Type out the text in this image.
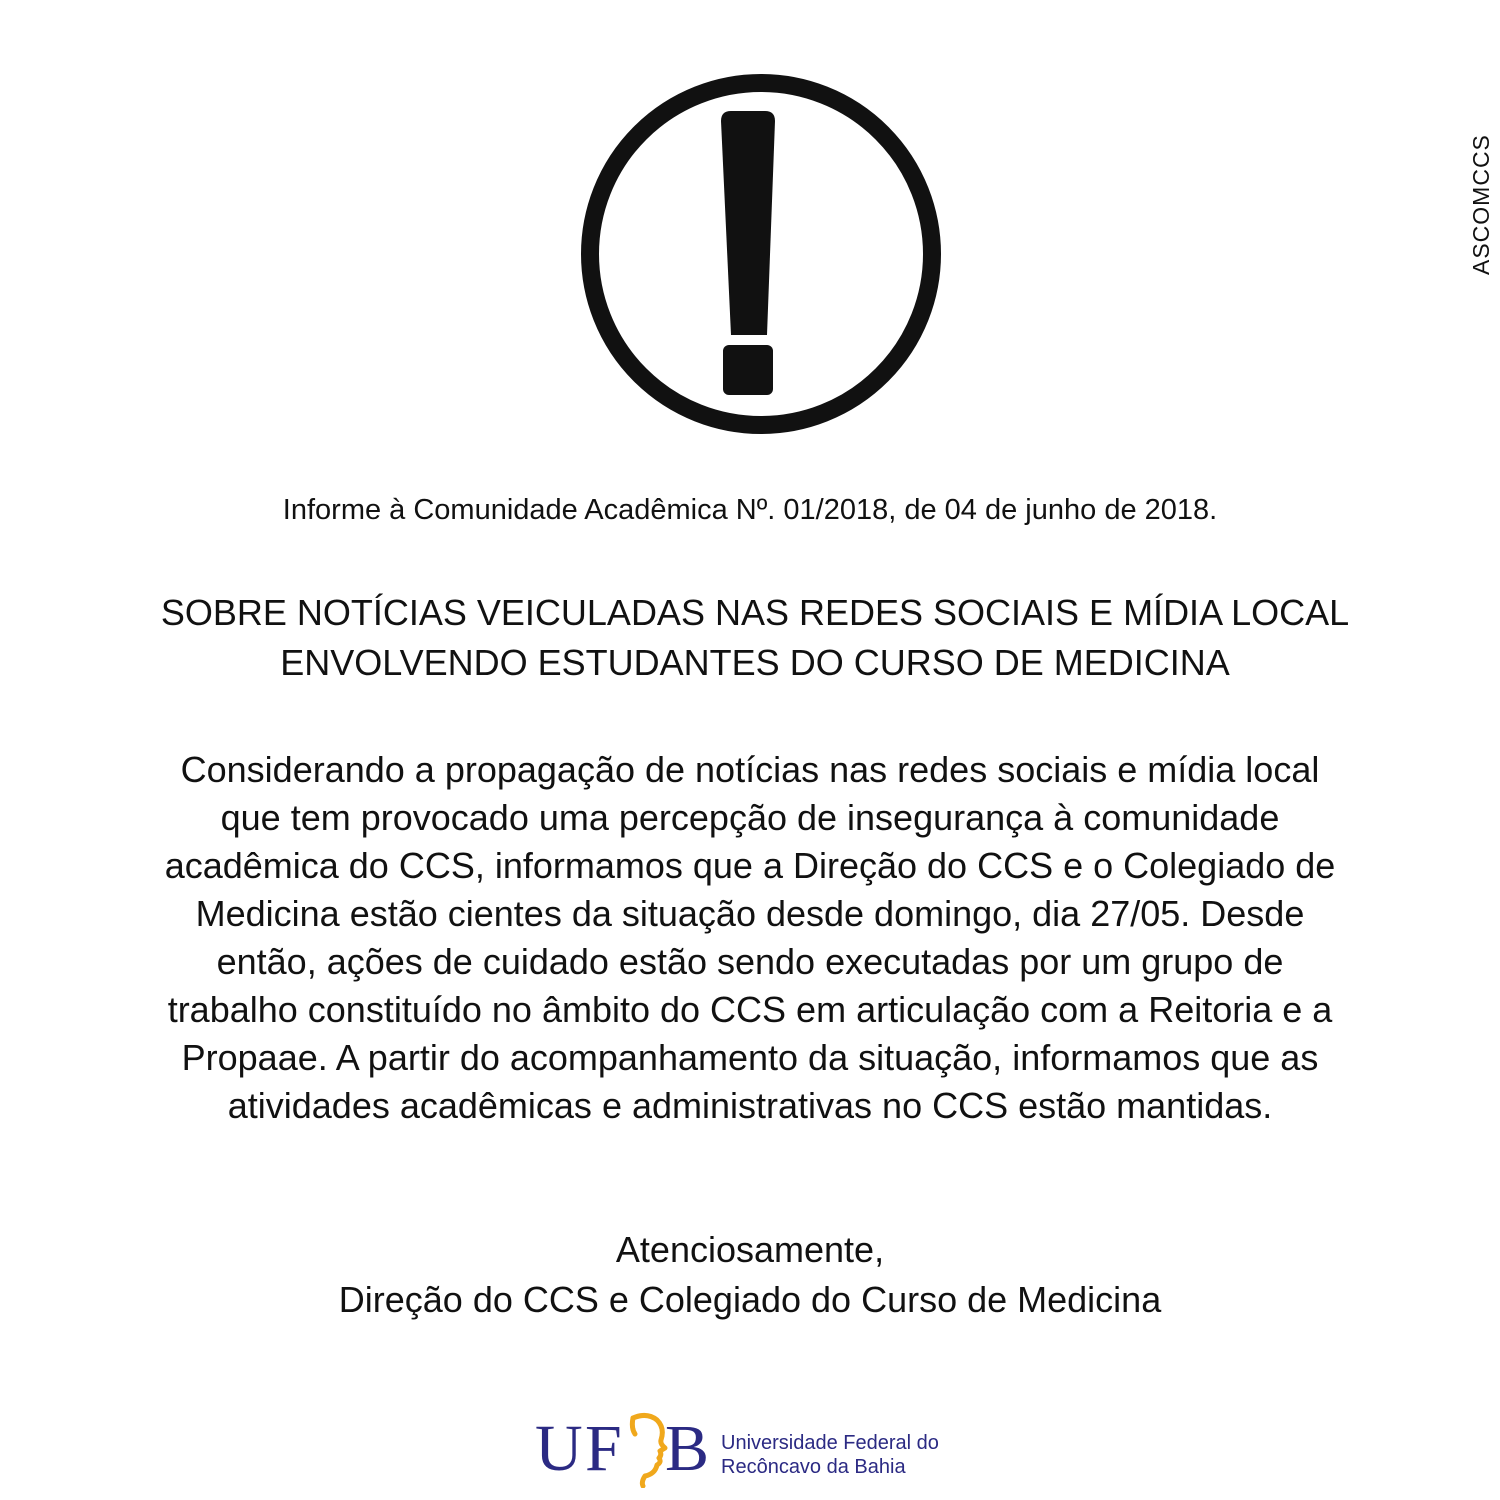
ASCOMCCS
Informe à Comunidade Acadêmica Nº. 01/2018, de 04 de junho de 2018.
SOBRE NOTÍCIAS VEICULADAS NAS REDES SOCIAIS E MÍDIA LOCAL
ENVOLVENDO ESTUDANTES DO CURSO DE MEDICINA

Considerando a propagação de notícias nas redes sociais e mídia local
que tem provocado uma percepção de insegurança à comunidade
acadêmica do CCS, informamos que a Direção do CCS e o Colegiado de
Medicina estão cientes da situação desde domingo, dia 27/05. Desde
então, ações de cuidado estão sendo executadas por um grupo de
trabalho constituído no âmbito do CCS em articulação com a Reitoria e a
Propaae. A partir do acompanhamento da situação, informamos que as
atividades acadêmicas e administrativas no CCS estão mantidas.

Atenciosamente,
Direção do CCS e Colegiado do Curso de Medicina
U F B Universidade Federal do
Recôncavo da Bahia
